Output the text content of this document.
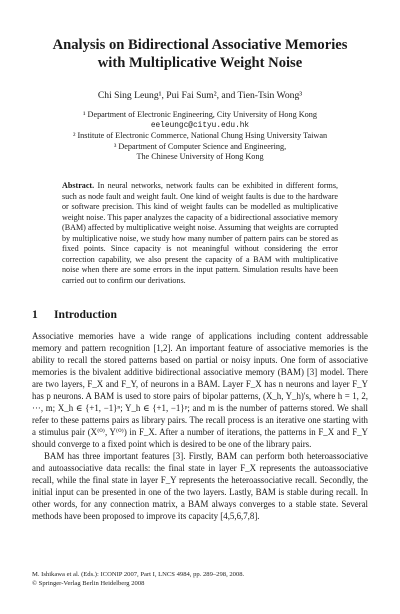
Analysis on Bidirectional Associative Memories
with Multiplicative Weight Noise
Chi Sing Leung¹, Pui Fai Sum², and Tien-Tsin Wong³
¹ Department of Electronic Engineering, City University of Hong Kong
eeleungc@cityu.edu.hk
² Institute of Electronic Commerce, National Chung Hsing University Taiwan
³ Department of Computer Science and Engineering,
The Chinese University of Hong Kong
Abstract. In neural networks, network faults can be exhibited in different forms, such as node fault and weight fault. One kind of weight faults is due to the hardware or software precision. This kind of weight faults can be modelled as multiplicative weight noise. This paper analyzes the capacity of a bidirectional associative memory (BAM) affected by multiplicative weight noise. Assuming that weights are corrupted by multiplicative noise, we study how many number of pattern pairs can be stored as fixed points. Since capacity is not meaningful without considering the error correction capability, we also present the capacity of a BAM with multiplicative noise when there are some errors in the input pattern. Simulation results have been carried out to confirm our derivations.
1 Introduction

Associative memories have a wide range of applications including content addressable memory and pattern recognition [1,2]. An important feature of associative memories is the ability to recall the stored patterns based on partial or noisy inputs. One form of associative memories is the bivalent additive bidirectional associative memory (BAM) [3] model. There are two layers, F_X and F_Y, of neurons in a BAM. Layer F_X has n neurons and layer F_Y has p neurons. A BAM is used to store pairs of bipolar patterns, (X_h, Y_h)'s, where h = 1, 2, ···, m; X_h ∈ {+1, −1}ⁿ; Y_h ∈ {+1, −1}ᵖ; and m is the number of patterns stored. We shall refer to these patterns pairs as library pairs. The recall process is an iterative one starting with a stimulus pair (X⁽⁰⁾, Y⁽⁰⁾) in F_X. After a number of iterations, the patterns in F_X and F_Y should converge to a fixed point which is desired to be one of the library pairs.

BAM has three important features [3]. Firstly, BAM can perform both heteroassociative and autoassociative data recalls: the final state in layer F_X represents the autoassociative recall, while the final state in layer F_Y represents the heteroassociative recall. Secondly, the initial input can be presented in one of the two layers. Lastly, BAM is stable during recall. In other words, for any connection matrix, a BAM always converges to a stable state. Several methods have been proposed to improve its capacity [4,5,6,7,8].

M. Ishikawa et al. (Eds.): ICONIP 2007, Part I, LNCS 4984, pp. 289–298, 2008.
© Springer-Verlag Berlin Heidelberg 2008
